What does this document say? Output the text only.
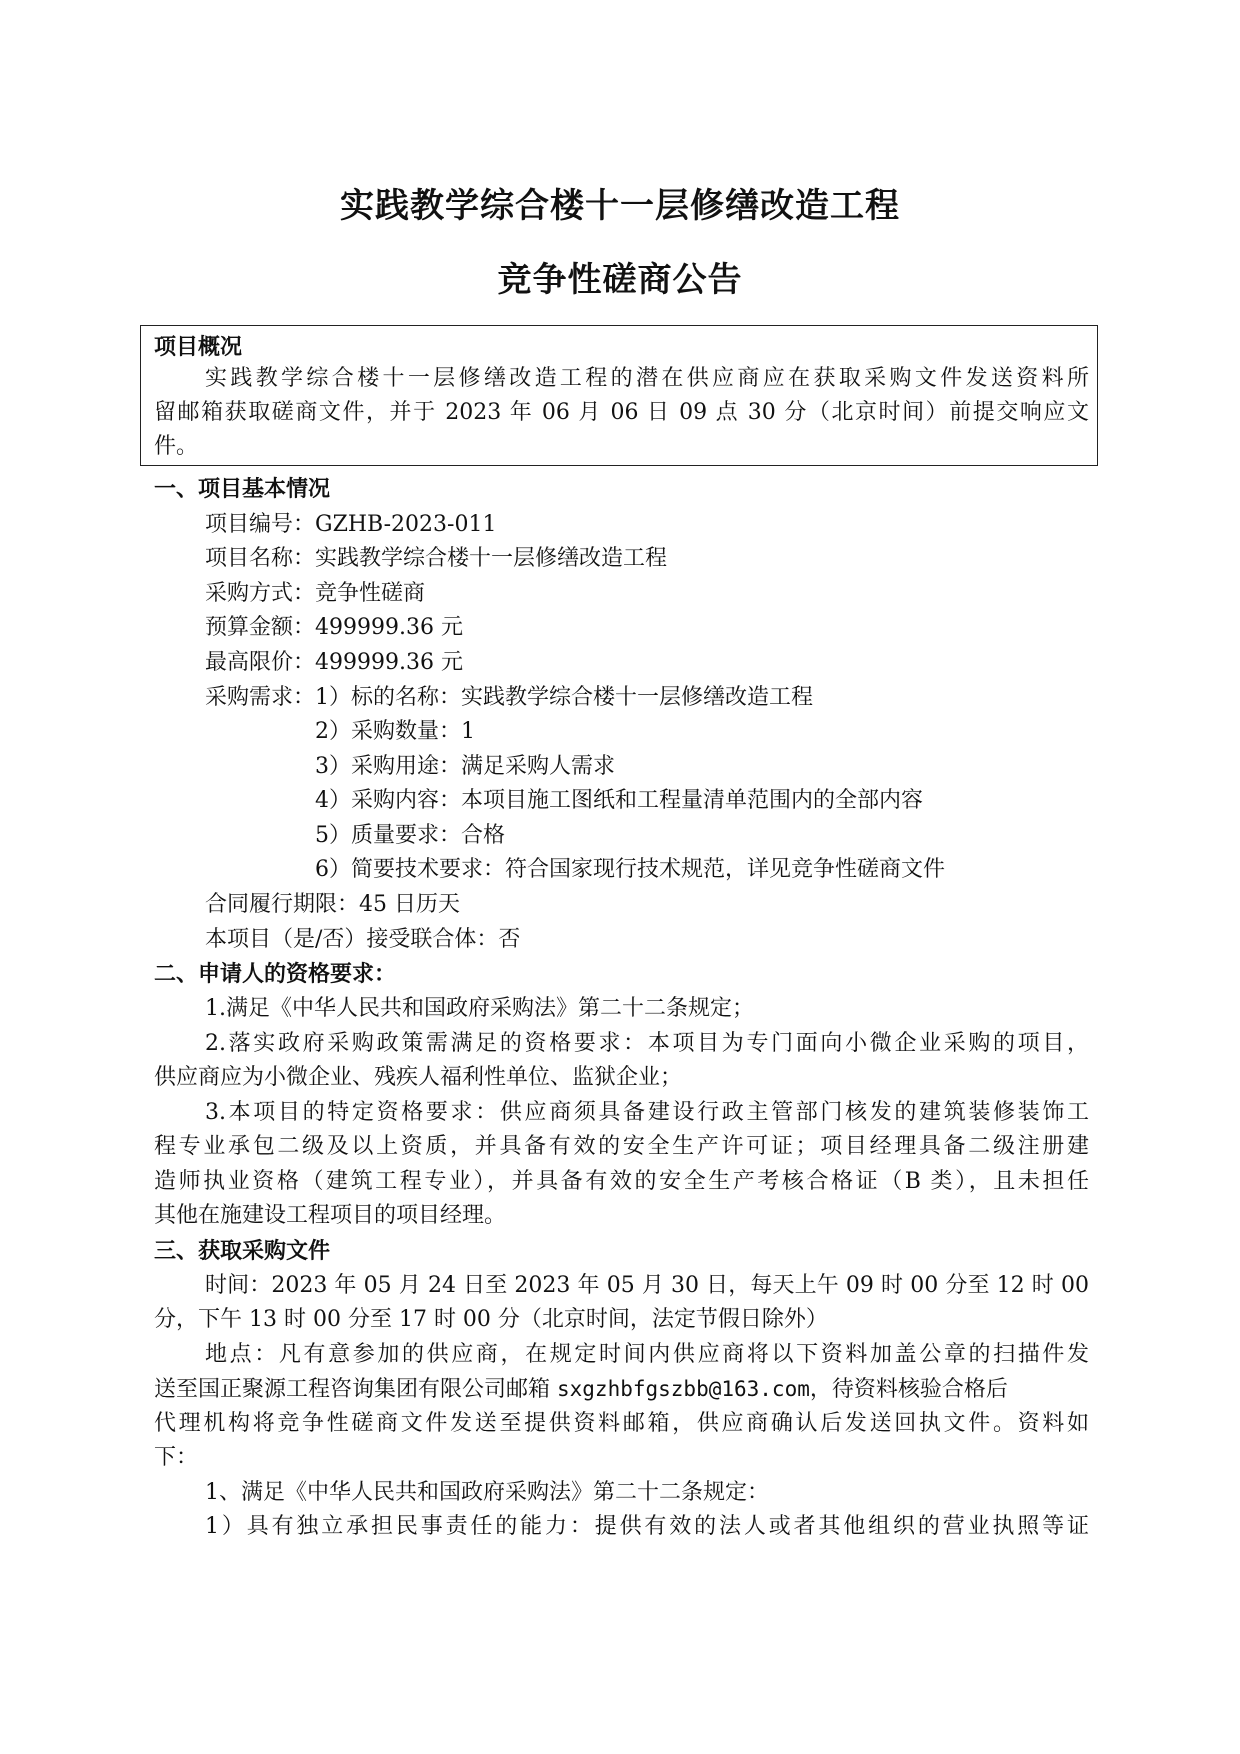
实践教学综合楼十一层修缮改造工程
竞争性磋商公告
项目概况
实践教学综合楼十一层修缮改造工程的潜在供应商应在获取采购文件发送资料所
留邮箱获取磋商文件，并于 2023 年 06 月 06 日 09 点 30 分（北京时间）前提交响应文
件。
一、项目基本情况
项目编号：GZHB-2023-011
项目名称：实践教学综合楼十一层修缮改造工程
采购方式：竞争性磋商
预算金额：499999.36 元
最高限价：499999.36 元
采购需求： 1）标的名称：实践教学综合楼十一层修缮改造工程
2）采购数量：1
3）采购用途：满足采购人需求
4）采购内容：本项目施工图纸和工程量清单范围内的全部内容
5）质量要求：合格
6）简要技术要求：符合国家现行技术规范，详见竞争性磋商文件
合同履行期限：45 日历天
本项目（是/否）接受联合体：否
二、申请人的资格要求：
1.满足《中华人民共和国政府采购法》第二十二条规定；
2.落实政府采购政策需满足的资格要求：本项目为专门面向小微企业采购的项目，
供应商应为小微企业、残疾人福利性单位、监狱企业；
3.本项目的特定资格要求：供应商须具备建设行政主管部门核发的建筑装修装饰工
程专业承包二级及以上资质，并具备有效的安全生产许可证；项目经理具备二级注册建
造师执业资格（建筑工程专业），并具备有效的安全生产考核合格证（B 类），且未担任
其他在施建设工程项目的项目经理。
三、获取采购文件
时间：2023 年 05 月 24 日至 2023 年 05 月 30 日，每天上午 09 时 00 分至 12 时 00
分，下午 13 时 00 分至 17 时 00 分（北京时间，法定节假日除外）
地点：凡有意参加的供应商，在规定时间内供应商将以下资料加盖公章的扫描件发
送至国正聚源工程咨询集团有限公司邮箱 sxgzhbfgszbb@163.com，待资料核验合格后
代理机构将竞争性磋商文件发送至提供资料邮箱，供应商确认后发送回执文件。资料如
下：
1、满足《中华人民共和国政府采购法》第二十二条规定：
1）具有独立承担民事责任的能力：提供有效的法人或者其他组织的营业执照等证
